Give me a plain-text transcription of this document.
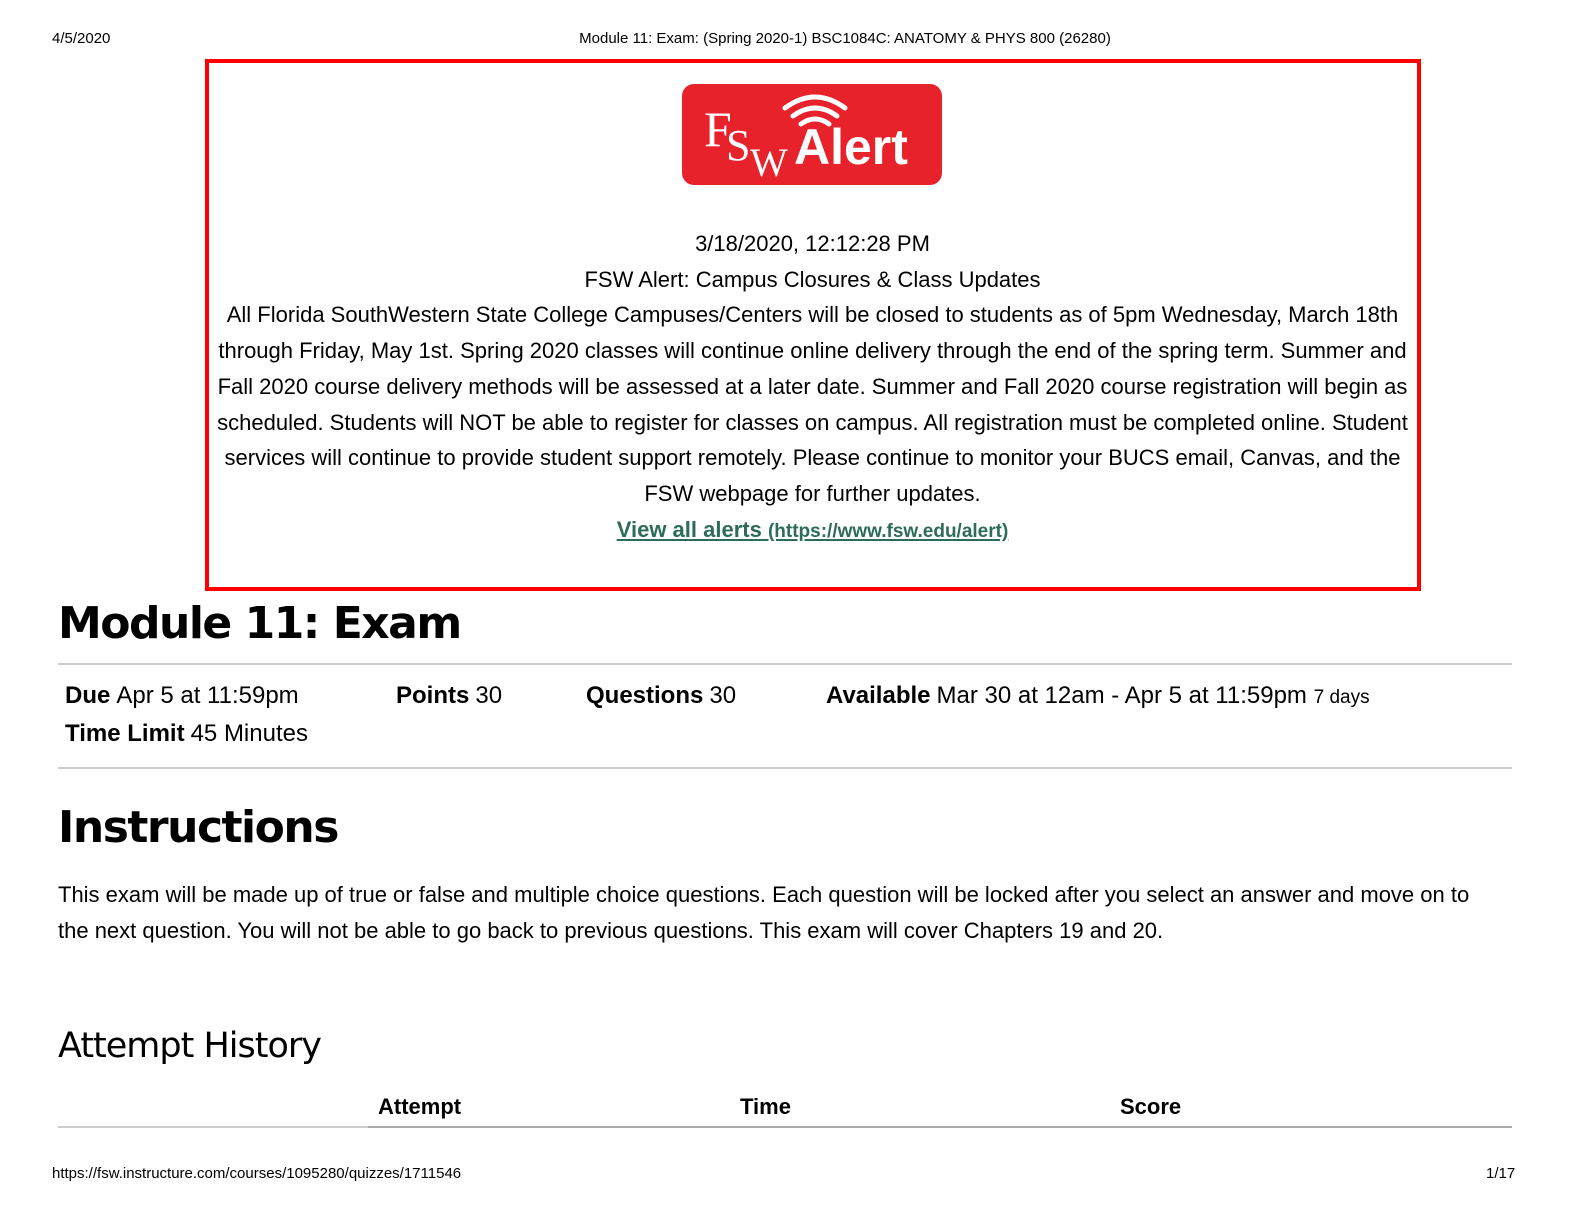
4/5/2020	Module 11: Exam: (Spring 2020-1) BSC1084C: ANATOMY & PHYS 800 (26280)
F
S W Alert
3/18/2020, 12:12:28 PM
FSW Alert: Campus Closures & Class Updates
All Florida SouthWestern State College Campuses/Centers will be closed to students as of 5pm Wednesday, March 18th through Friday, May 1st. Spring 2020 classes will continue online delivery through the end of the spring term. Summer and Fall 2020 course delivery methods will be assessed at a later date. Summer and Fall 2020 course registration will begin as scheduled. Students will NOT be able to register for classes on campus. All registration must be completed online. Student services will continue to provide student support remotely. Please continue to monitor your BUCS email, Canvas, and the FSW webpage for further updates.
View all alerts (https://www.fsw.edu/alert)
Module 11: Exam
Due Apr 5 at 11:59pm	Points 30	Questions 30	Available Mar 30 at 12am - Apr 5 at 11:59pm 7 days
Time Limit 45 Minutes
Instructions
This exam will be made up of true or false and multiple choice questions. Each question will be locked after you select an answer and move on to the next question. You will not be able to go back to previous questions. This exam will cover Chapters 19 and 20.
Attempt History
Attempt	Time	Score
https://fsw.instructure.com/courses/1095280/quizzes/1711546	1/17
